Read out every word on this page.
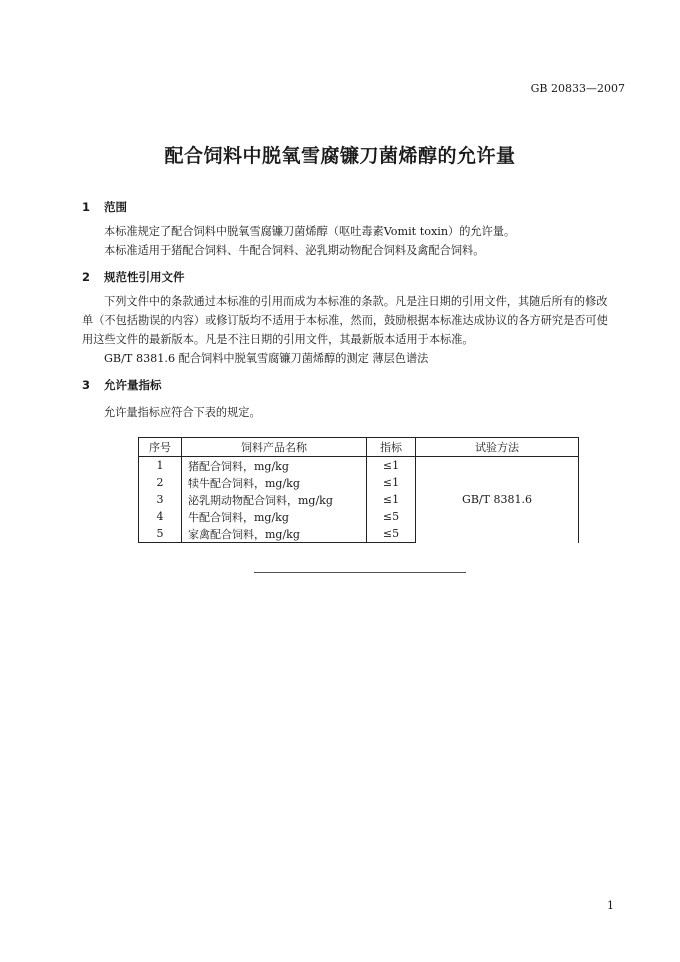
GB 20833—2007
配合饲料中脱氧雪腐镰刀菌烯醇的允许量
1 范围
本标准规定了配合饲料中脱氧雪腐镰刀菌烯醇（呕吐毒素Vomit toxin）的允许量。
本标准适用于猪配合饲料、牛配合饲料、泌乳期动物配合饲料及禽配合饲料。
2 规范性引用文件
下列文件中的条款通过本标准的引用而成为本标准的条款。凡是注日期的引用文件，其随后所有的修改单（不包括勘误的内容）或修订版均不适用于本标准，然而，鼓励根据本标准达成协议的各方研究是否可使用这些文件的最新版本。凡是不注日期的引用文件，其最新版本适用于本标准。
GB/T 8381.6 配合饲料中脱氧雪腐镰刀菌烯醇的测定 薄层色谱法
3 允许量指标
允许量指标应符合下表的规定。
序号	饲料产品名称	指标	试验方法
1	猪配合饲料，mg/kg	≤1	GB/T 8381.6
2	犊牛配合饲料，mg/kg	≤1	
3	泌乳期动物配合饲料，mg/kg	≤1	
4	牛配合饲料，mg/kg	≤5	
5	家禽配合饲料，mg/kg	≤5	
1
